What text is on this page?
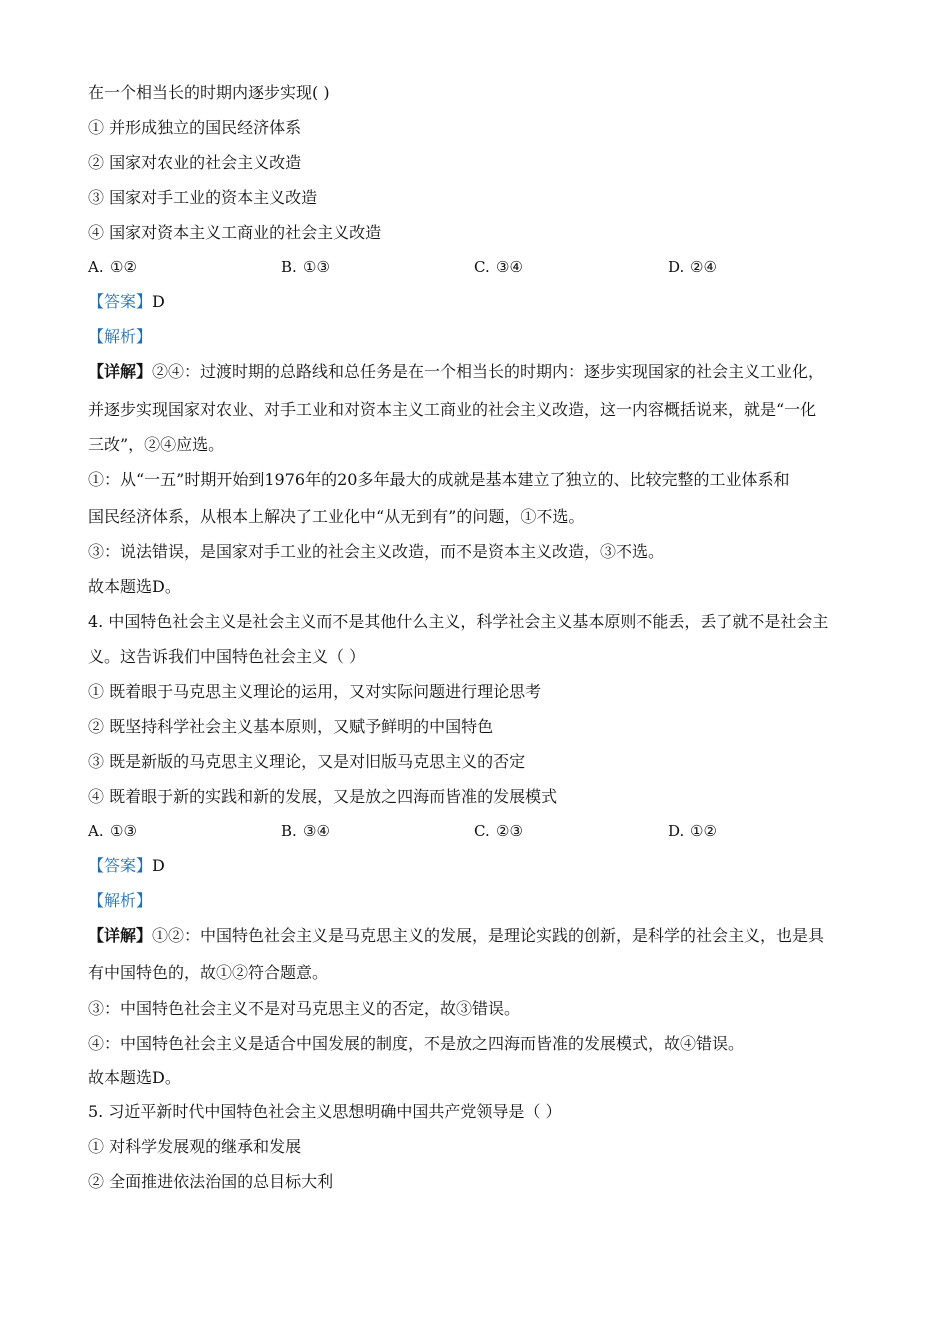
在一个相当长的时期内逐步实现( )
① 并形成独立的国民经济体系
② 国家对农业的社会主义改造
③ 国家对手工业的资本主义改造
④ 国家对资本主义工商业的社会主义改造
A. ①②	B. ①③	C. ③④	D. ②④
【答案】D
【解析】
【详解】②④：过渡时期的总路线和总任务是在一个相当长的时期内：逐步实现国家的社会主义工业化，
并逐步实现国家对农业、对手工业和对资本主义工商业的社会主义改造，这一内容概括说来，就是“一化
三改”，②④应选。
①：从“一五”时期开始到1976年的20多年最大的成就是基本建立了独立的、比较完整的工业体系和
国民经济体系，从根本上解决了工业化中“从无到有”的问题，①不选。
③：说法错误，是国家对手工业的社会主义改造，而不是资本主义改造，③不选。
故本题选D。
4. 中国特色社会主义是社会主义而不是其他什么主义，科学社会主义基本原则不能丢，丢了就不是社会主
义。这告诉我们中国特色社会主义（ ）
① 既着眼于马克思主义理论的运用，又对实际问题进行理论思考
② 既坚持科学社会主义基本原则，又赋予鲜明的中国特色
③ 既是新版的马克思主义理论，又是对旧版马克思主义的否定
④ 既着眼于新的实践和新的发展，又是放之四海而皆准的发展模式
A. ①③	B. ③④	C. ②③	D. ①②
【答案】D
【解析】
【详解】①②：中国特色社会主义是马克思主义的发展，是理论实践的创新，是科学的社会主义，也是具
有中国特色的，故①②符合题意。
③：中国特色社会主义不是对马克思主义的否定，故③错误。
④：中国特色社会主义是适合中国发展的制度，不是放之四海而皆准的发展模式，故④错误。
故本题选D。
5. 习近平新时代中国特色社会主义思想明确中国共产党领导是（ ）
① 对科学发展观的继承和发展
② 全面推进依法治国的总目标大利
